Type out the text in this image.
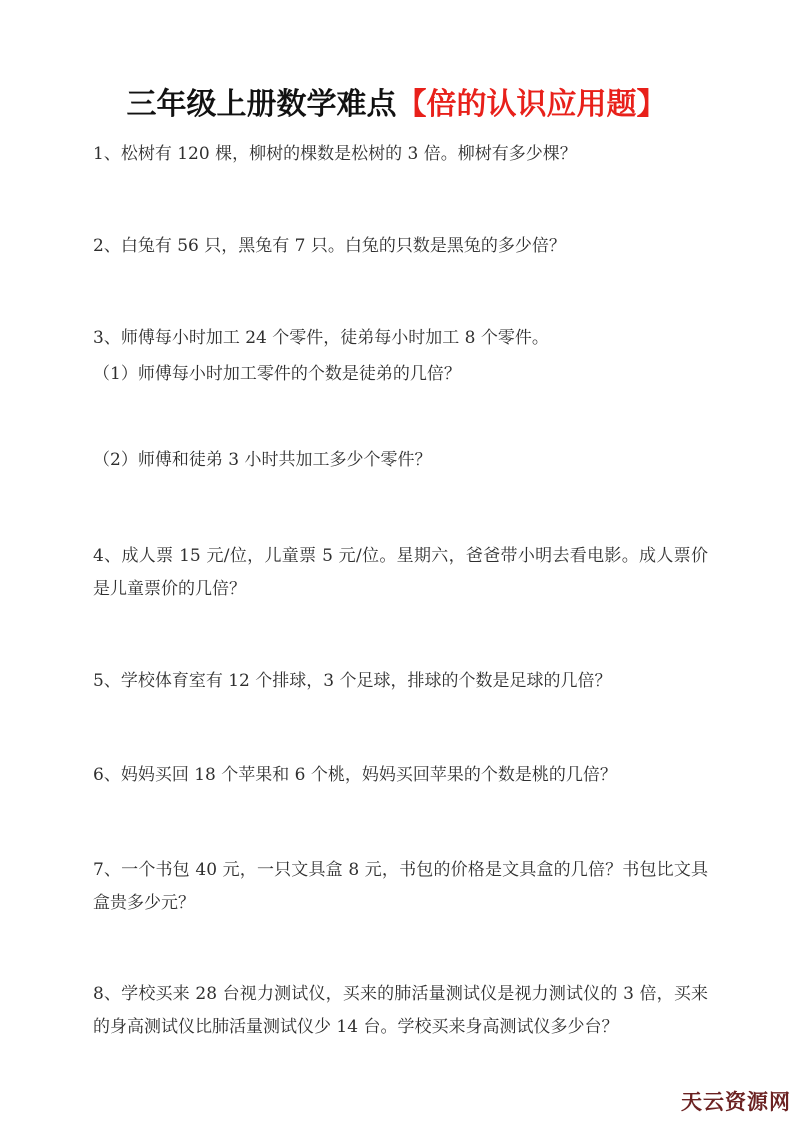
三年级上册数学难点【倍的认识应用题】

1、松树有 120 棵，柳树的棵数是松树的 3 倍。柳树有多少棵？

2、白兔有 56 只，黑兔有 7 只。白兔的只数是黑兔的多少倍？

3、师傅每小时加工 24 个零件，徒弟每小时加工 8 个零件。

（1）师傅每小时加工零件的个数是徒弟的几倍？

（2）师傅和徒弟 3 小时共加工多少个零件？

4、成人票 15 元/位，儿童票 5 元/位。星期六，爸爸带小明去看电影。成人票价是儿童票价的几倍？

5、学校体育室有 12 个排球，3 个足球，排球的个数是足球的几倍？

6、妈妈买回 18 个苹果和 6 个桃，妈妈买回苹果的个数是桃的几倍？

7、一个书包 40 元，一只文具盒 8 元，书包的价格是文具盒的几倍？书包比文具盒贵多少元？

8、学校买来 28 台视力测试仪，买来的肺活量测试仪是视力测试仪的 3 倍，买来的身高测试仪比肺活量测试仪少 14 台。学校买来身高测试仪多少台？

天云资源网
